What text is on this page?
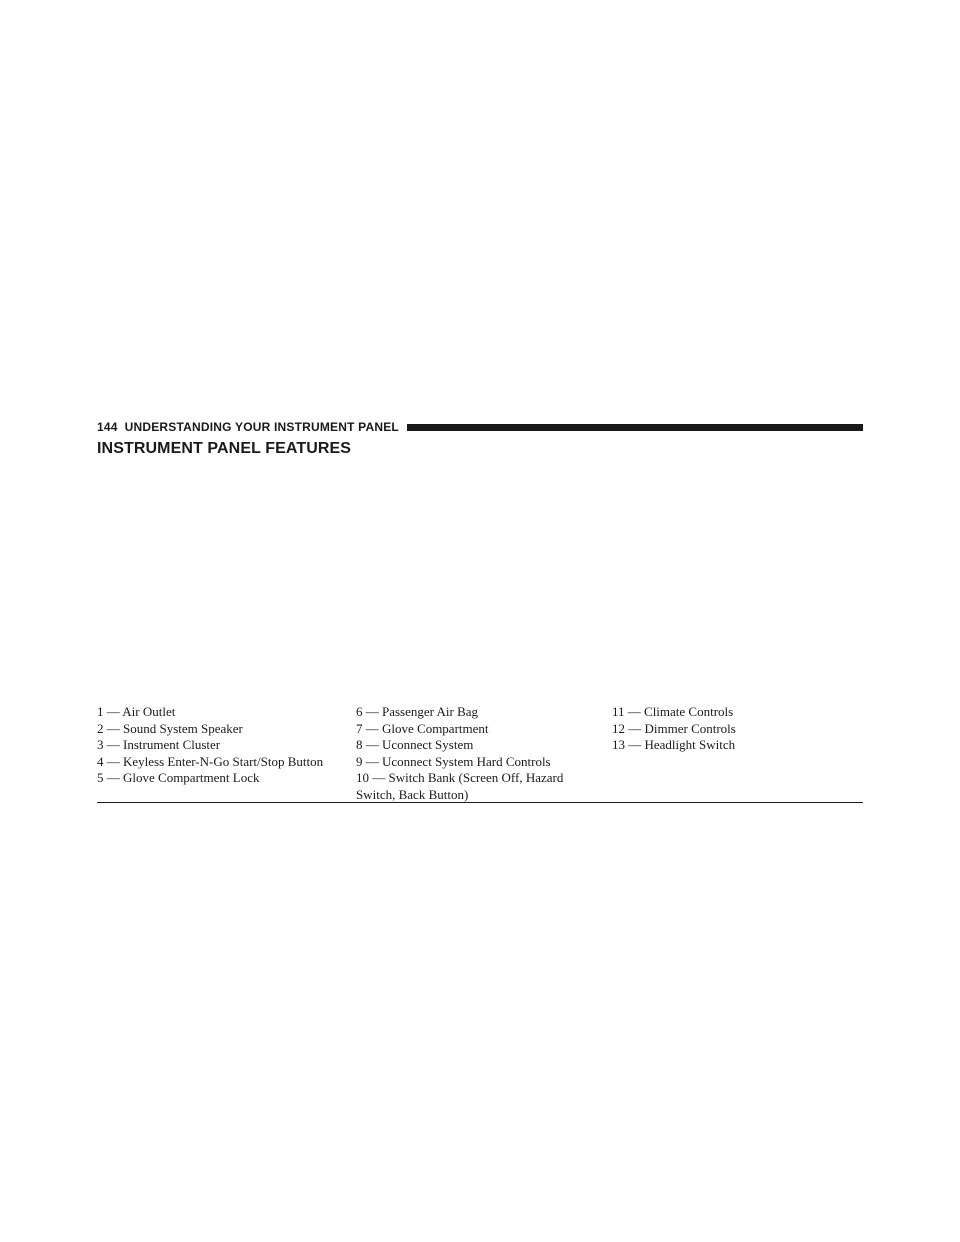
144 UNDERSTANDING YOUR INSTRUMENT PANEL
INSTRUMENT PANEL FEATURES
1 — Air Outlet
2 — Sound System Speaker
3 — Instrument Cluster
4 — Keyless Enter-N-Go Start/Stop Button
5 — Glove Compartment Lock
6 — Passenger Air Bag
7 — Glove Compartment
8 — Uconnect System
9 — Uconnect System Hard Controls
10 — Switch Bank (Screen Off, Hazard
Switch, Back Button)
11 — Climate Controls
12 — Dimmer Controls
13 — Headlight Switch
